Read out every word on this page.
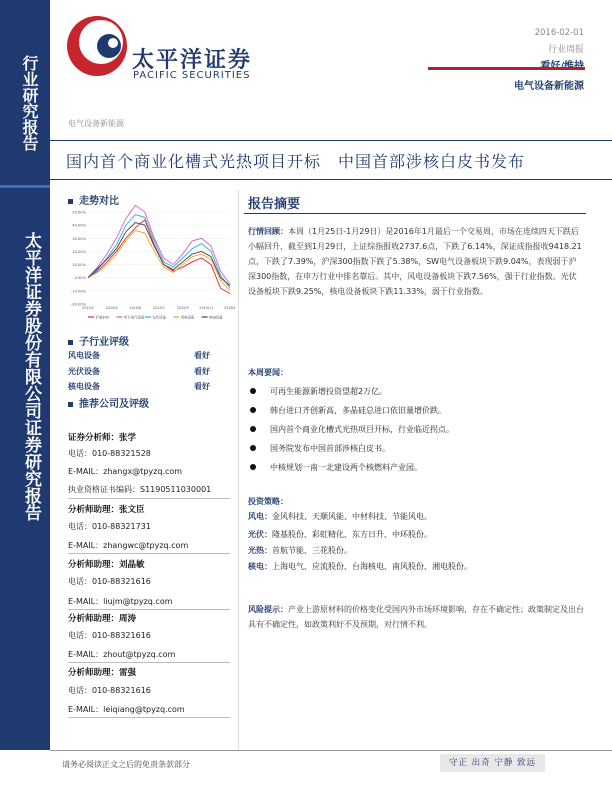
行业研究报告
太平洋证券股份有限公司证券研究报告
太平洋证券
PACIFIC SECURITIES
2016-02-01
行业周报
电气设备新能源
电气设备新能源
国内首个商业化槽式光热项目开标　中国首部涉核白皮书发布
走势对比
50.00%
40.00%
30.00%
20.00%
10.00%
0.00%
-10.00%
-20.00%
2015/2	2015/4	2015/6	2015/7	2015/9	2015/11	2016/1
沪深300	申万电气设备 光伏设备	风电设备	核电设备
子行业评级
风电设备	看好
光伏设备	看好
核电设备	看好
推荐公司及评级
证券分析师：张学
电话：010-88321528
E-MAIL：zhangx@tpyzq.com
执业资格证书编码：S1190511030001
分析师助理：张文臣
电话：010-88321731
E-MAIL：zhangwc@tpyzq.com
分析师助理：刘晶敏
电话：010-88321616
E-MAIL：liujm@tpyzq.com
分析师助理：周涛
电话：010-88321616
E-MAIL：zhout@tpyzq.com
分析师助理：雷强
电话：010-88321616
E-MAIL：leiqiang@tpyzq.com
报告摘要
行情回顾：本周（1月25日-1月29日）是2016年1月最后一个交易周，市场在连续四天下跌后小幅回升，截至到1月29日，上证综指报收2737.6点，下跌了6.14%，深证成指报收9418.21点，下跌了7.39%，沪深300指数下跌了5.38%，SW电气设备板块下跌9.04%，表现弱于沪深300指数，在申万行业中排名靠后。其中，风电设备板块下跌7.56%，强于行业指数。光伏设备板块下跌9.25%，核电设备板块下跌11.33%，弱于行业指数。
本周要闻：
可再生能源新增投资望超2万亿。
韩台进口齐创新高，多晶硅总进口依旧量增价跌。
国内首个商业化槽式光热项目开标，行业临近拐点。
国务院发布中国首部涉核白皮书。
中核规划一南一北建设两个核燃料产业园。
投资策略：
风电：金风科技、天顺风能、中材科技、节能风电。
光伏：隆基股份、彩虹精化、东方日升、中环股份。
光热：首航节能、三花股份。
核电：上海电气、应流股份、台海核电、南风股份、湘电股份。
风险提示：产业上游原材料的价格变化受国内外市场环境影响，存在不确定性；政策制定及出台具有不确定性，如政策利好不及预期，对行情不利。
请务必阅读正文之后的免责条款部分	守正 出奇 宁静 致远
